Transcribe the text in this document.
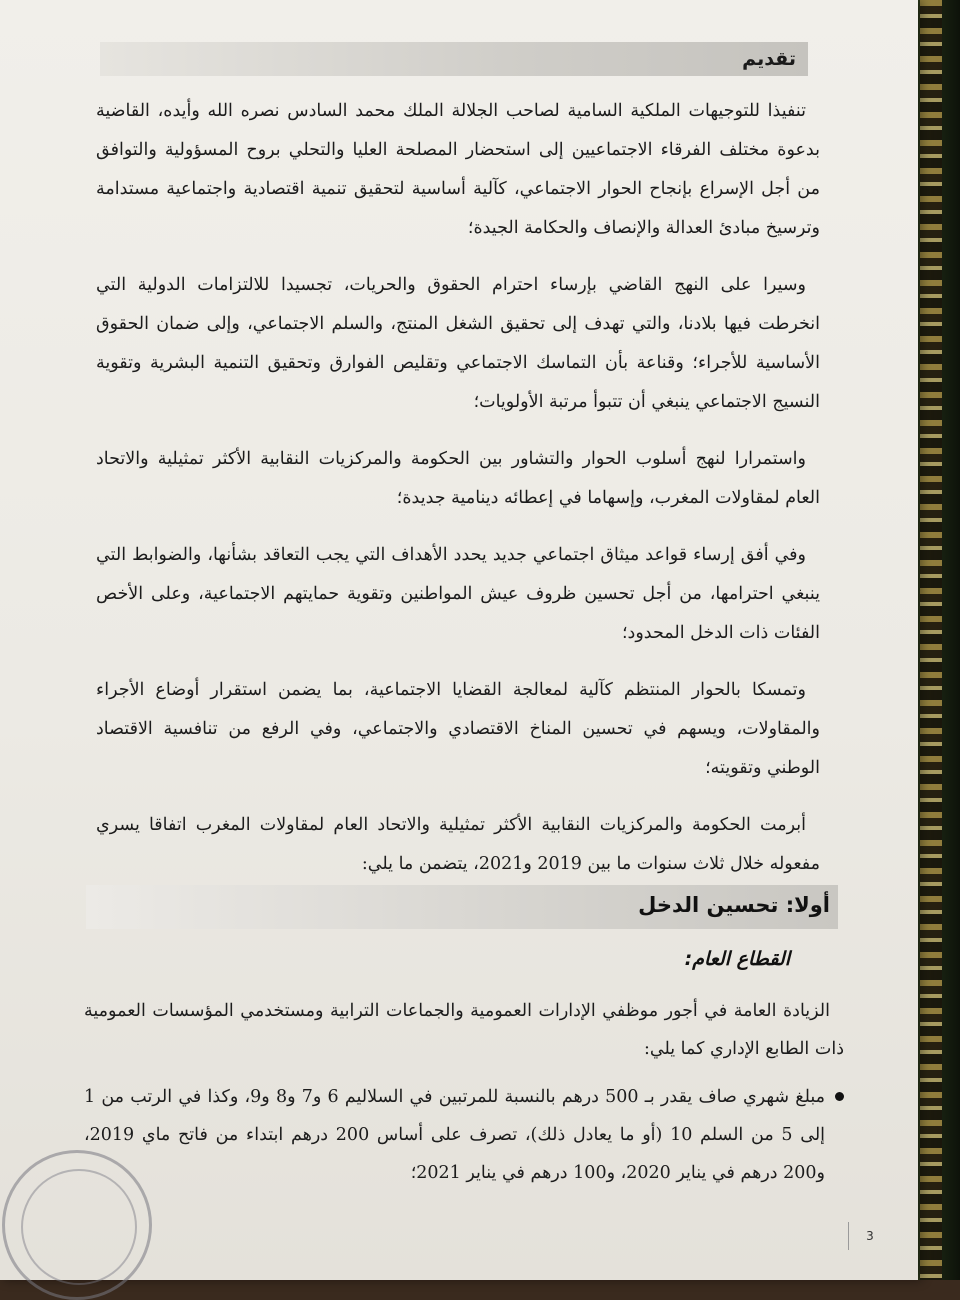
تقديم

تنفيذا للتوجيهات الملكية السامية لصاحب الجلالة الملك محمد السادس نصره الله وأيده، القاضية بدعوة مختلف الفرقاء الاجتماعيين إلى استحضار المصلحة العليا والتحلي بروح المسؤولية والتوافق من أجل الإسراع بإنجاح الحوار الاجتماعي، كآلية أساسية لتحقيق تنمية اقتصادية واجتماعية مستدامة وترسيخ مبادئ العدالة والإنصاف والحكامة الجيدة؛

وسيرا على النهج القاضي بإرساء احترام الحقوق والحريات، تجسيدا للالتزامات الدولية التي انخرطت فيها بلادنا، والتي تهدف إلى تحقيق الشغل المنتج، والسلم الاجتماعي، وإلى ضمان الحقوق الأساسية للأجراء؛ وقناعة بأن التماسك الاجتماعي وتقليص الفوارق وتحقيق التنمية البشرية وتقوية النسيج الاجتماعي ينبغي أن تتبوأ مرتبة الأولويات؛

واستمرارا لنهج أسلوب الحوار والتشاور بين الحكومة والمركزيات النقابية الأكثر تمثيلية والاتحاد العام لمقاولات المغرب، وإسهاما في إعطائه دينامية جديدة؛

وفي أفق إرساء قواعد ميثاق اجتماعي جديد يحدد الأهداف التي يجب التعاقد بشأنها، والضوابط التي ينبغي احترامها، من أجل تحسين ظروف عيش المواطنين وتقوية حمايتهم الاجتماعية، وعلى الأخص الفئات ذات الدخل المحدود؛

وتمسكا بالحوار المنتظم كآلية لمعالجة القضايا الاجتماعية، بما يضمن استقرار أوضاع الأجراء والمقاولات، ويسهم في تحسين المناخ الاقتصادي والاجتماعي، وفي الرفع من تنافسية الاقتصاد الوطني وتقويته؛

أبرمت الحكومة والمركزيات النقابية الأكثر تمثيلية والاتحاد العام لمقاولات المغرب اتفاقا يسري مفعوله خلال ثلاث سنوات ما بين 2019 و2021، يتضمن ما يلي:

أولا: تحسين الدخل
القطاع العام:

الزيادة العامة في أجور موظفي الإدارات العمومية والجماعات الترابية ومستخدمي المؤسسات العمومية ذات الطابع الإداري كما يلي:

مبلغ شهري صاف يقدر بـ 500 درهم بالنسبة للمرتبين في السلاليم 6 و7 و8 و9، وكذا في الرتب من 1 إلى 5 من السلم 10 (أو ما يعادل ذلك)، تصرف على أساس 200 درهم ابتداء من فاتح ماي 2019، و200 درهم في يناير 2020، و100 درهم في يناير 2021؛
3
